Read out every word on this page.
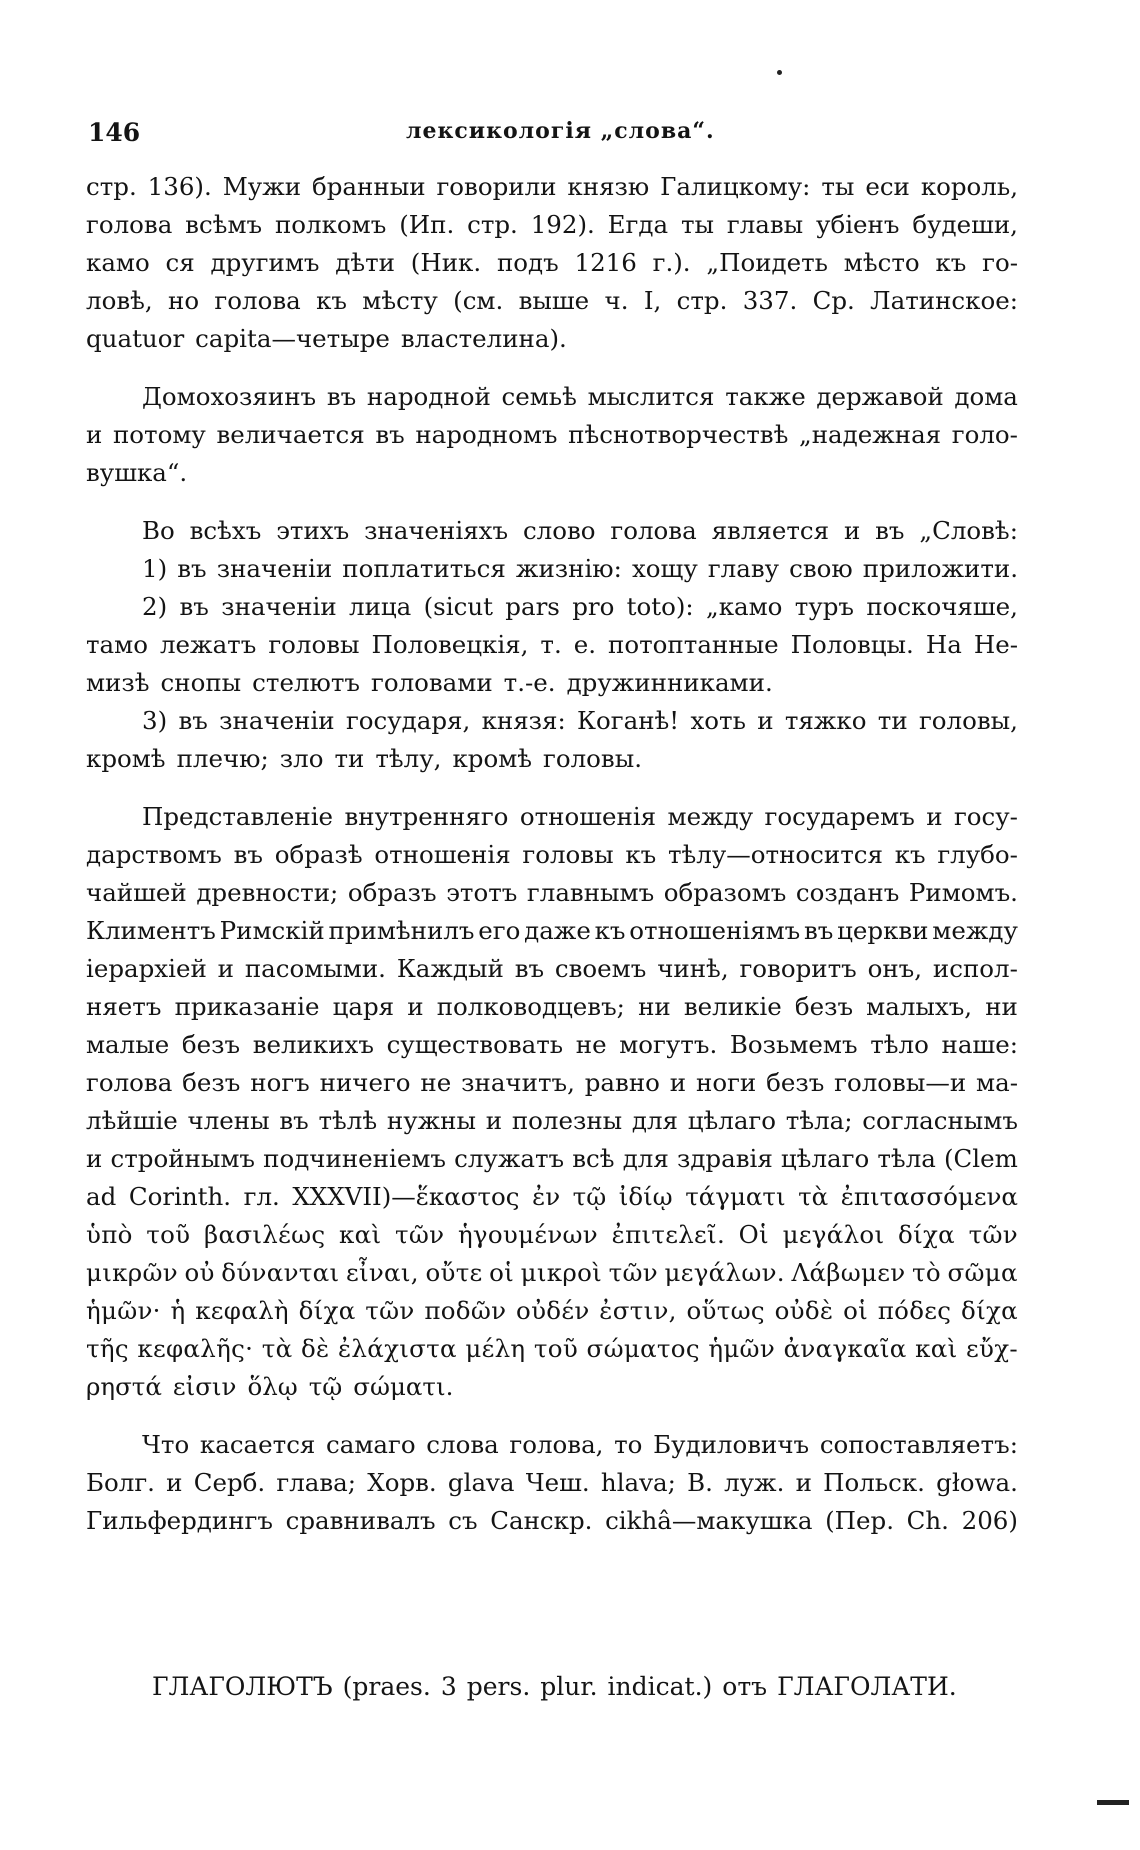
146	лексикологія „слова“.
стр. 136). Мужи бранныи говорили князю Галицкому: ты еси король,
голова всѣмъ полкомъ (Ип. стр. 192). Егда ты главы убіенъ будеши,
камо ся другимъ дѣти (Ник. подъ 1216 г.). „Поидеть мѣсто къ го-
ловѣ, но голова къ мѣсту (см. выше ч. I, стр. 337. Ср. Латинское:
quatuor capita—четыре властелина).
Домохозяинъ въ народной семьѣ мыслится также державой дома
и потому величается въ народномъ пѣснотворчествѣ „надежная голо-
вушка“.
Во всѣхъ этихъ значеніяхъ слово голова является и въ „Словѣ:
1) въ значеніи поплатиться жизнію: хощу главу свою приложити.
2) въ значеніи лица (sicut pars pro toto): „камо туръ поскочяше,
тамо лежатъ головы Половецкія, т. е. потоптанные Половцы. На Не-
мизѣ снопы стелютъ головами т.-е. дружинниками.
3) въ значеніи государя, князя: Коганѣ! хоть и тяжко ти головы,
кромѣ плечю; зло ти тѣлу, кромѣ головы.
Представленіе внутренняго отношенія между государемъ и госу-
дарствомъ въ образѣ отношенія головы къ тѣлу—относится къ глубо-
чайшей древности; образъ этотъ главнымъ образомъ созданъ Римомъ.
Климентъ Римскій примѣнилъ его даже къ отношеніямъ въ церкви между
іерархіей и пасомыми. Каждый въ своемъ чинѣ, говоритъ онъ, испол-
няетъ приказаніе царя и полководцевъ; ни великіе безъ малыхъ, ни
малые безъ великихъ существовать не могутъ. Возьмемъ тѣло наше:
голова безъ ногъ ничего не значитъ, равно и ноги безъ головы—и ма-
лѣйшіе члены въ тѣлѣ нужны и полезны для цѣлаго тѣла; согласнымъ
и стройнымъ подчиненіемъ служатъ всѣ для здравія цѣлаго тѣла (Clem
ad Corinth. гл. XXXVII)—ἕκαστος ἐν τῷ ἰδίῳ τάγματι τὰ ἐπιτασσόμενα
ὑπὸ τοῦ βασιλέως καὶ τῶν ἡγουμένων ἐπιτελεῖ. Οἱ μεγάλοι δίχα τῶν
μικρῶν οὐ δύνανται εἶναι, οὔτε οἱ μικροὶ τῶν μεγάλων. Λάβωμεν τὸ σῶμα
ἡμῶν· ἡ κεφαλὴ δίχα τῶν ποδῶν οὐδέν ἐστιν, οὕτως οὐδὲ οἱ πόδες δίχα
τῆς κεφαλῆς· τὰ δὲ ἐλάχιστα μέλη τοῦ σώματος ἡμῶν ἀναγκαῖα καὶ εὔχ-
ρηστά εἰσιν ὅλῳ τῷ σώματι.
Что касается самаго слова голова, то Будиловичъ сопоставляетъ:
Болг. и Серб. глава; Хорв. glava Чеш. hlava; В. луж. и Польск. głowa.
Гильфердингъ сравнивалъ съ Санскр. cikhâ—макушка (Пер. Ch. 206)
ГЛАГОЛЮТЪ (praes. 3 pers. plur. indicat.) отъ ГЛАГОЛАТИ.
